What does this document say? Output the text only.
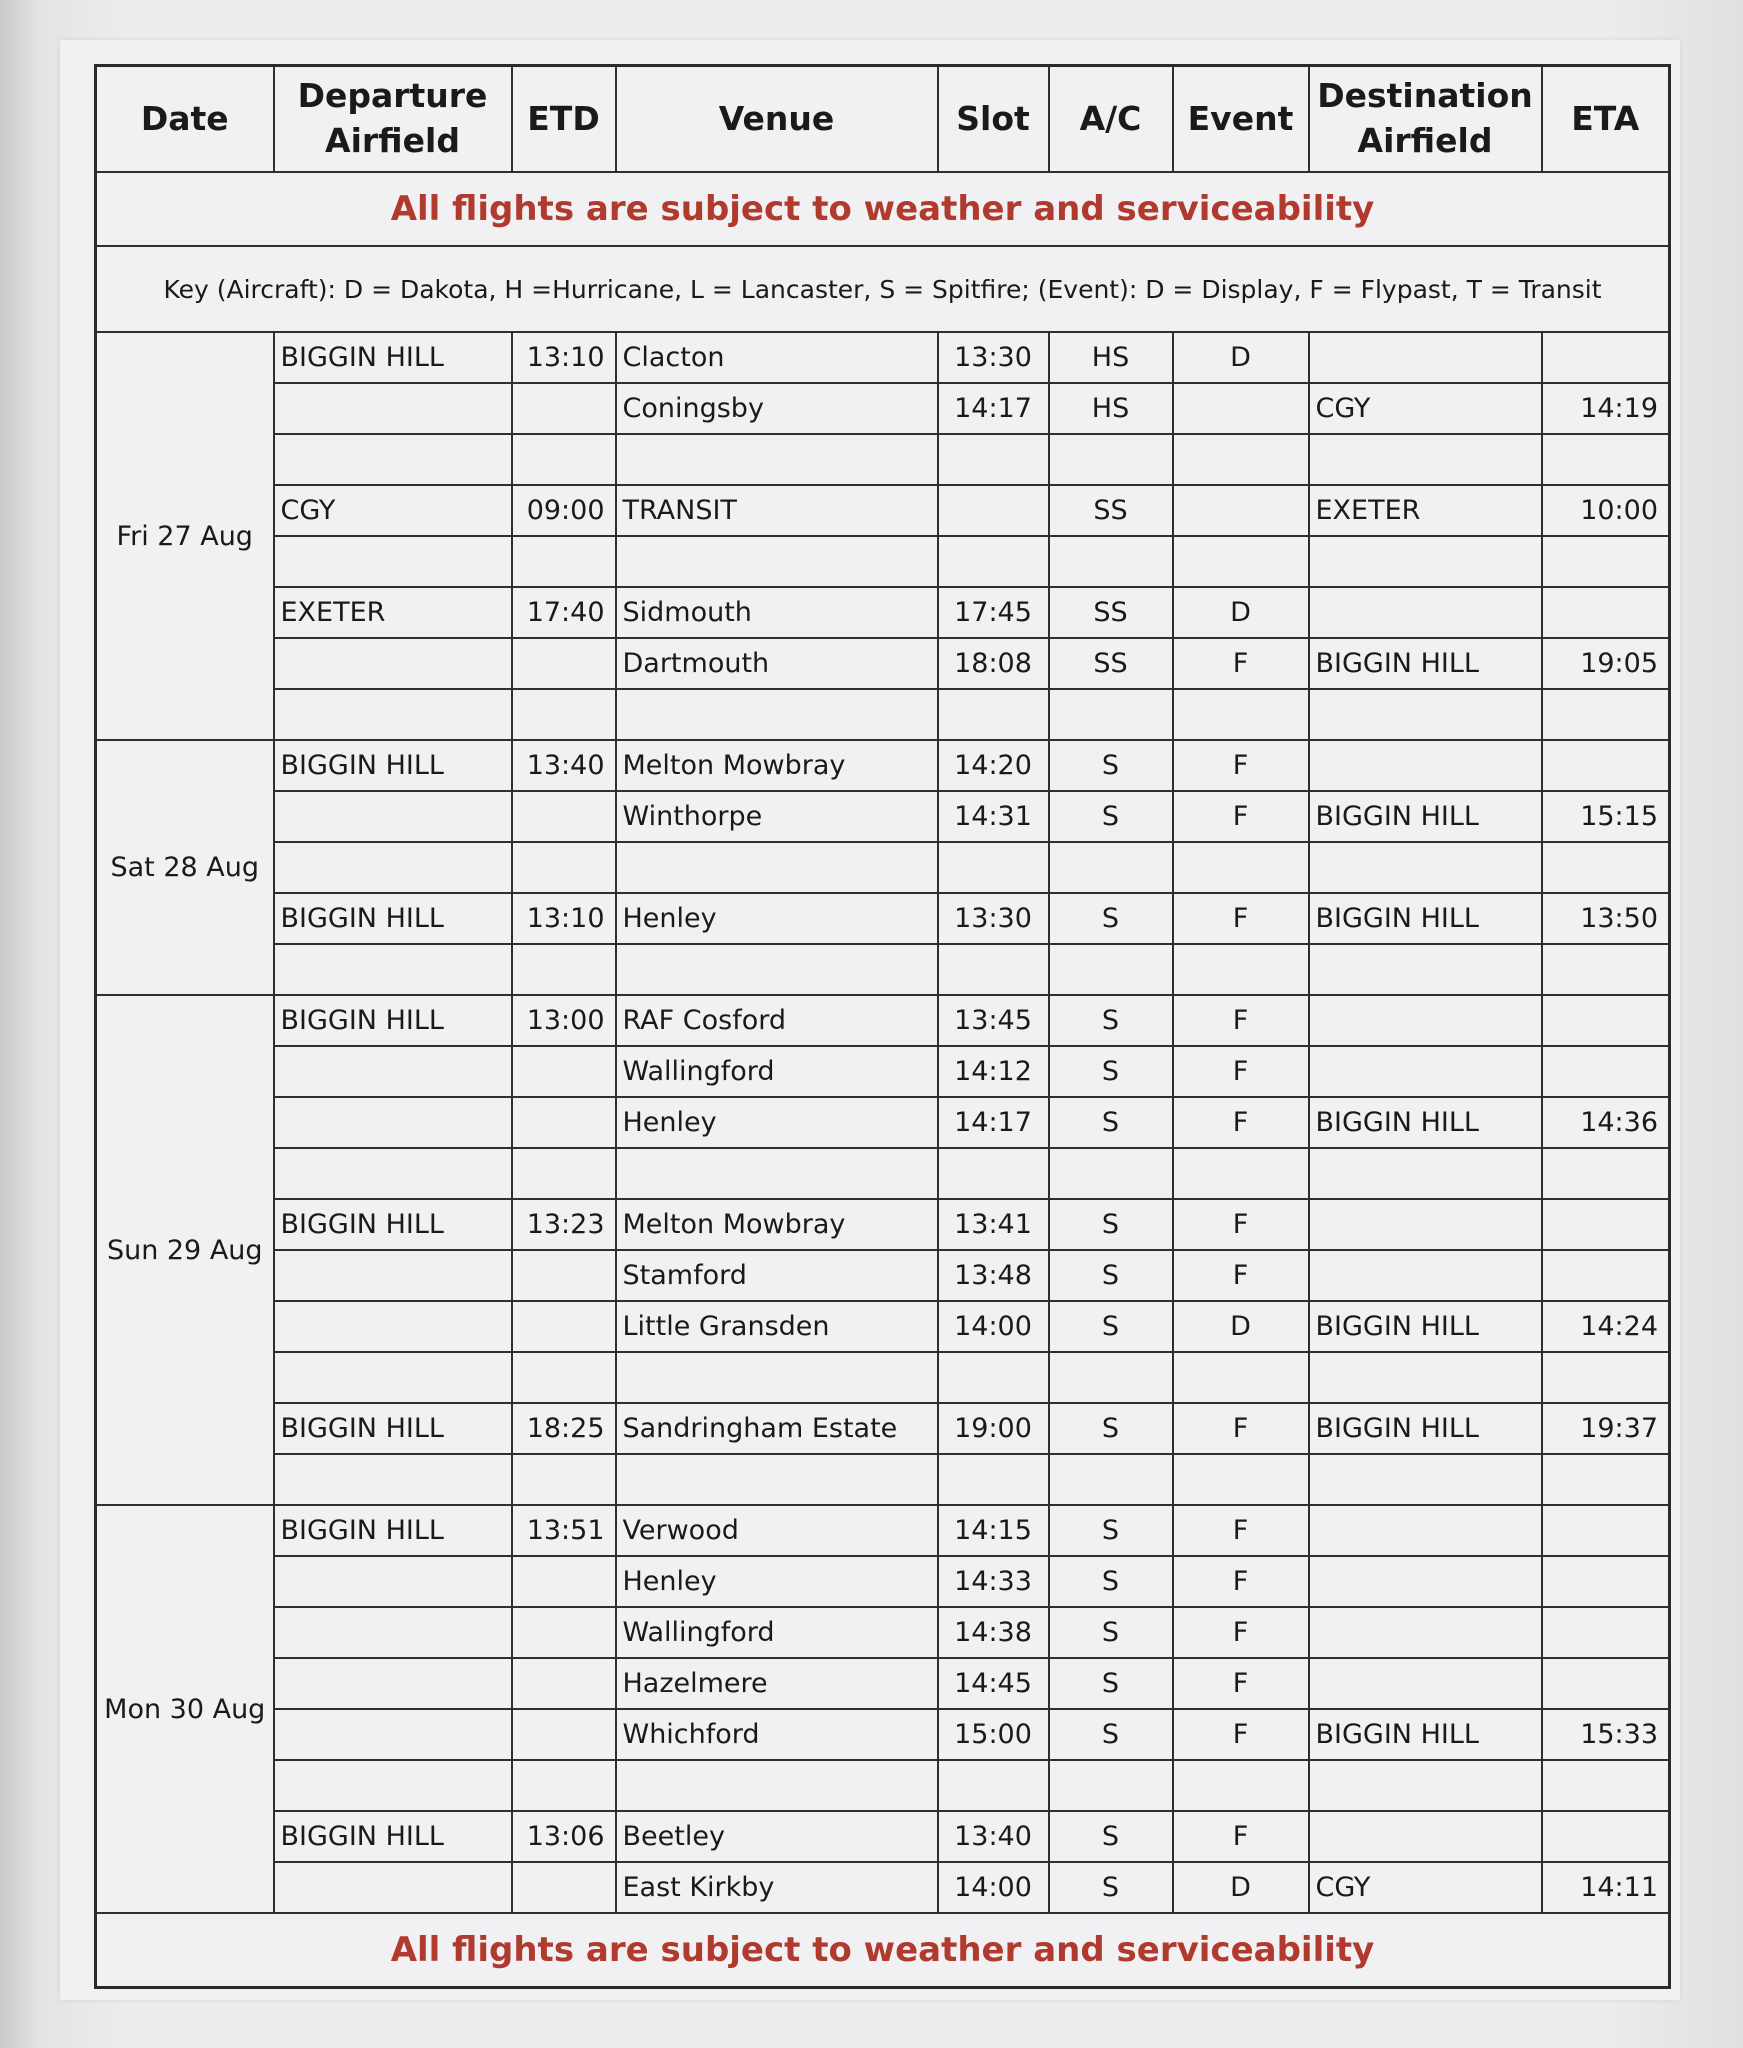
Date	Departure Airfield	ETD	Venue	Slot	A/C	Event	Destination Airfield	ETA
All flights are subject to weather and serviceability								
Key (Aircraft): D = Dakota, H =Hurricane, L = Lancaster, S = Spitfire; (Event): D = Display, F = Flypast, T = Transit								
Fri 27 Aug	BIGGIN HILL	13:10	Clacton	13:30	HS	D		
			Coningsby	14:17	HS		CGY	14:19

	CGY	09:00	TRANSIT		SS		EXETER	10:00

	EXETER	17:40	Sidmouth	17:45	SS	D		
			Dartmouth	18:08	SS	F	BIGGIN HILL	19:05

Sat 28 Aug	BIGGIN HILL	13:40	Melton Mowbray	14:20	S	F		
			Winthorpe	14:31	S	F	BIGGIN HILL	15:15

	BIGGIN HILL	13:10	Henley	13:30	S	F	BIGGIN HILL	13:50

Sun 29 Aug	BIGGIN HILL	13:00	RAF Cosford	13:45	S	F		
			Wallingford	14:12	S	F		
			Henley	14:17	S	F	BIGGIN HILL	14:36

	BIGGIN HILL	13:23	Melton Mowbray	13:41	S	F		
			Stamford	13:48	S	F		
			Little Gransden	14:00	S	D	BIGGIN HILL	14:24

	BIGGIN HILL	18:25	Sandringham Estate	19:00	S	F	BIGGIN HILL	19:37

Mon 30 Aug	BIGGIN HILL	13:51	Verwood	14:15	S	F		
			Henley	14:33	S	F		
			Wallingford	14:38	S	F		
			Hazelmere	14:45	S	F		
			Whichford	15:00	S	F	BIGGIN HILL	15:33

	BIGGIN HILL	13:06	Beetley	13:40	S	F		
			East Kirkby	14:00	S	D	CGY	14:11
All flights are subject to weather and serviceability								
